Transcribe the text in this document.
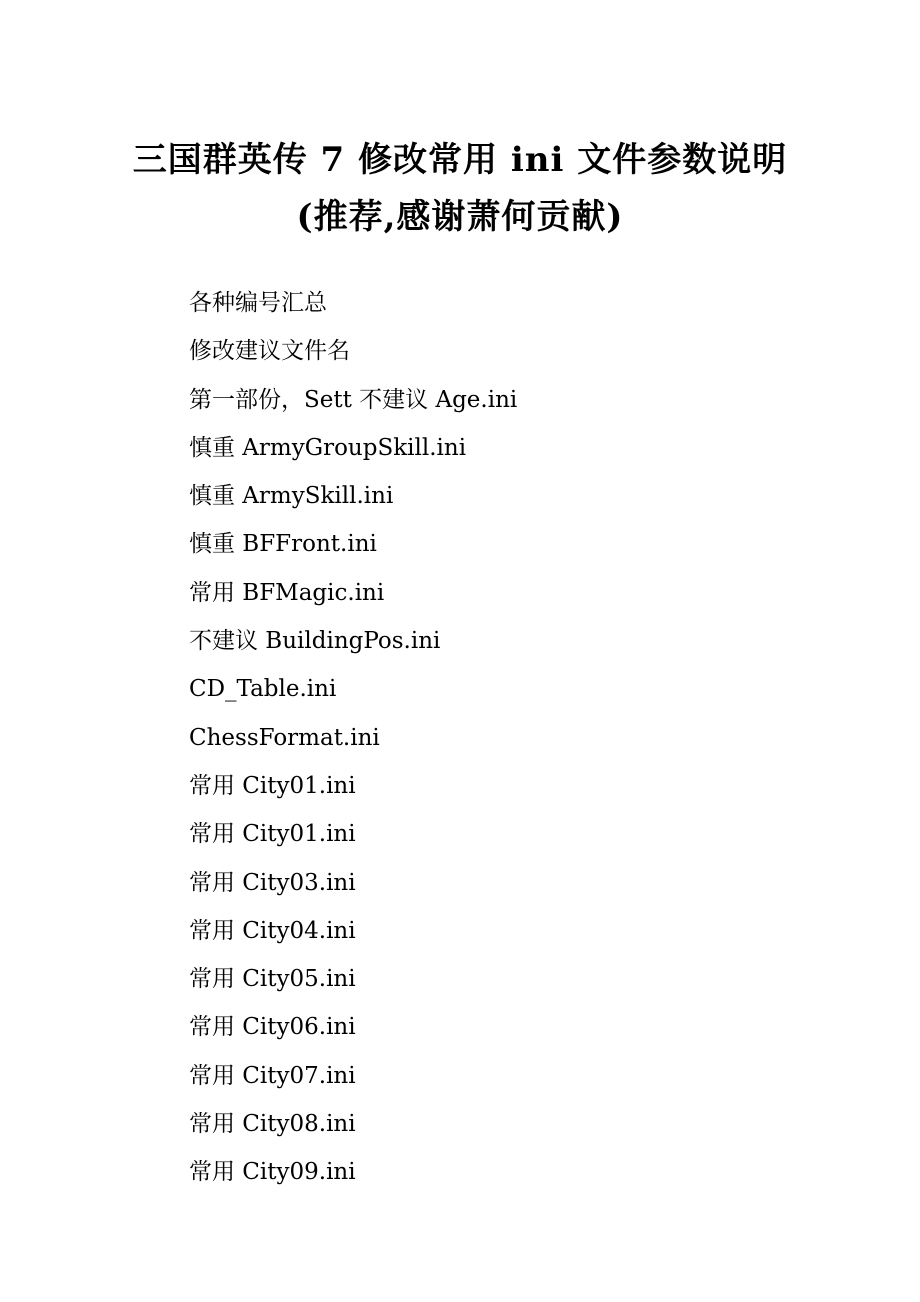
三国群英传 7 修改常用 ini 文件参数说明
(推荐,感谢萧何贡献)
各种编号汇总
修改建议文件名
第一部份，Sett 不建议 Age.ini
慎重 ArmyGroupSkill.ini
慎重 ArmySkill.ini
慎重 BFFront.ini
常用 BFMagic.ini
不建议 BuildingPos.ini
CD_Table.ini
ChessFormat.ini
常用 City01.ini
常用 City01.ini
常用 City03.ini
常用 City04.ini
常用 City05.ini
常用 City06.ini
常用 City07.ini
常用 City08.ini
常用 City09.ini
